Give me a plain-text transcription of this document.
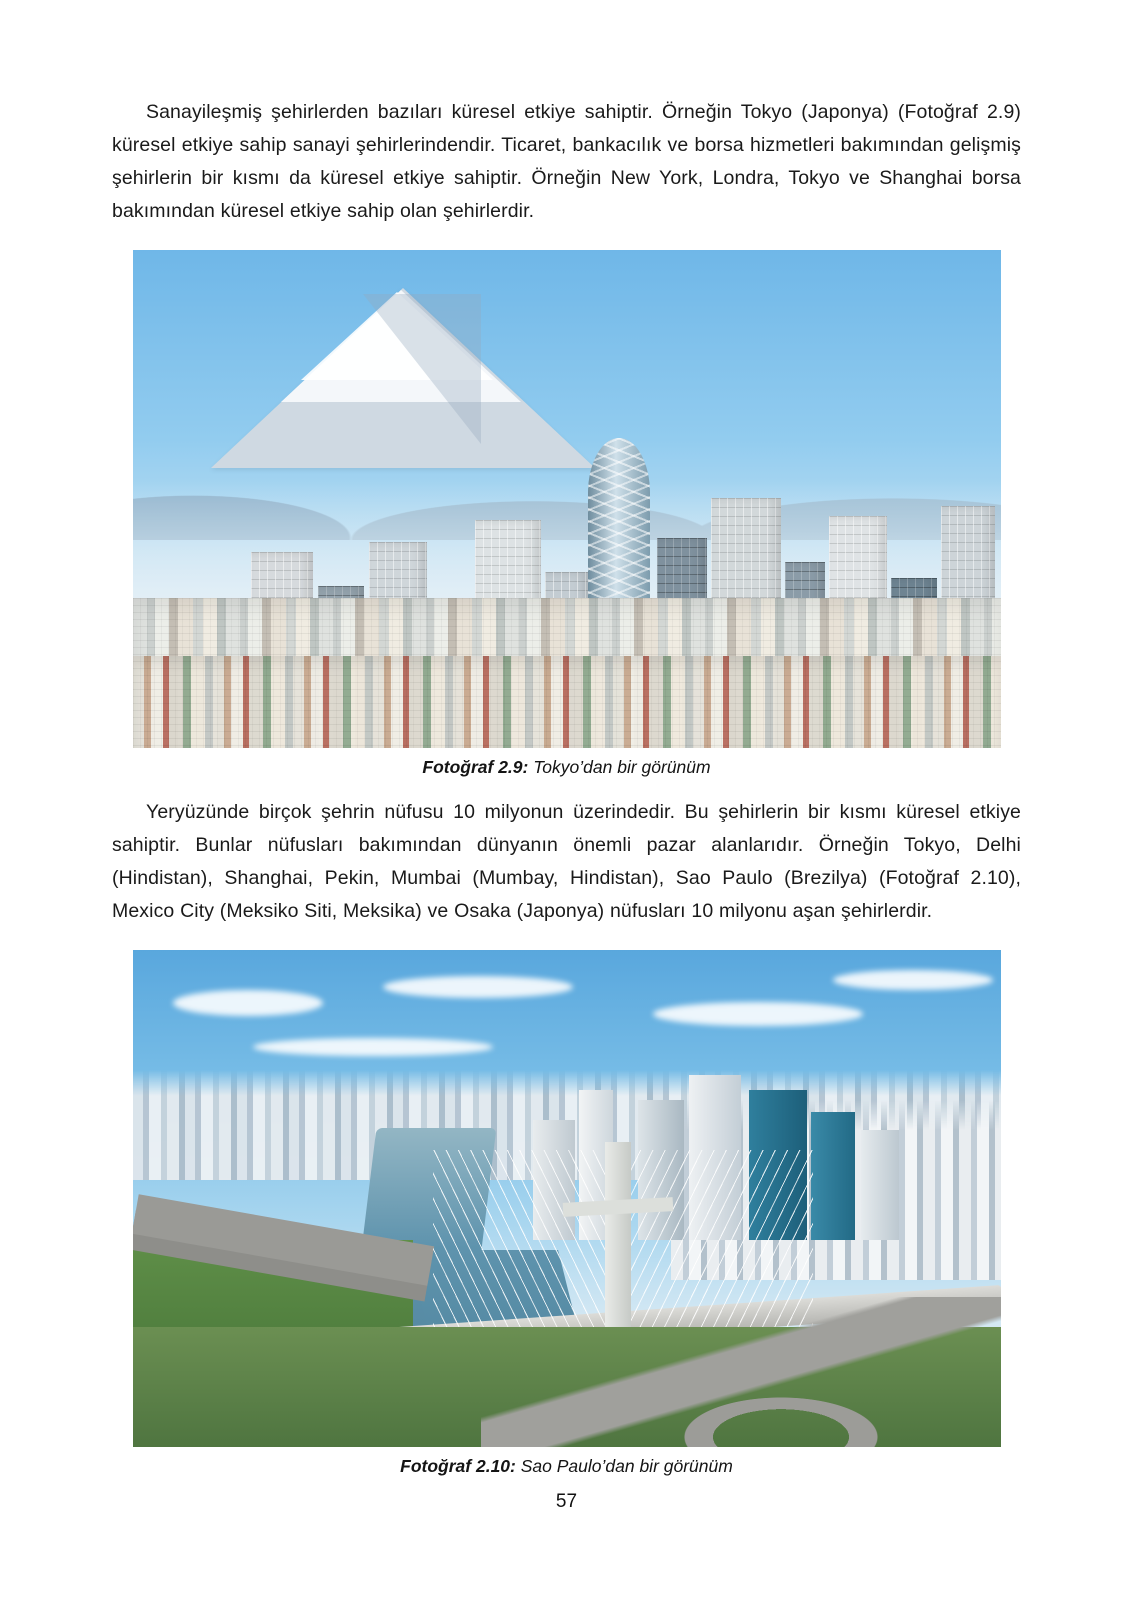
Sanayileşmiş şehirlerden bazıları küresel etkiye sahiptir. Örneğin Tokyo (Japonya) (Fotoğraf 2.9) küresel etkiye sahip sanayi şehirlerindendir. Ticaret, bankacılık ve borsa hizmetleri bakımından gelişmiş şehirlerin bir kısmı da küresel etkiye sahiptir. Örneğin New York, Londra, Tokyo ve Shanghai borsa bakımından küresel etkiye sahip olan şehirlerdir.

Fotoğraf 2.9: Tokyo’dan bir görünüm

Yeryüzünde birçok şehrin nüfusu 10 milyonun üzerindedir. Bu şehirlerin bir kısmı küresel etkiye sahiptir. Bunlar nüfusları bakımından dünyanın önemli pazar alanlarıdır. Örneğin Tokyo, Delhi (Hindistan), Shanghai, Pekin, Mumbai (Mumbay, Hindistan), Sao Paulo (Brezilya) (Fotoğraf 2.10), Mexico City (Meksiko Siti, Meksika) ve Osaka (Japonya) nüfusları 10 milyonu aşan şehirlerdir.

Fotoğraf 2.10: Sao Paulo’dan bir görünüm
57
